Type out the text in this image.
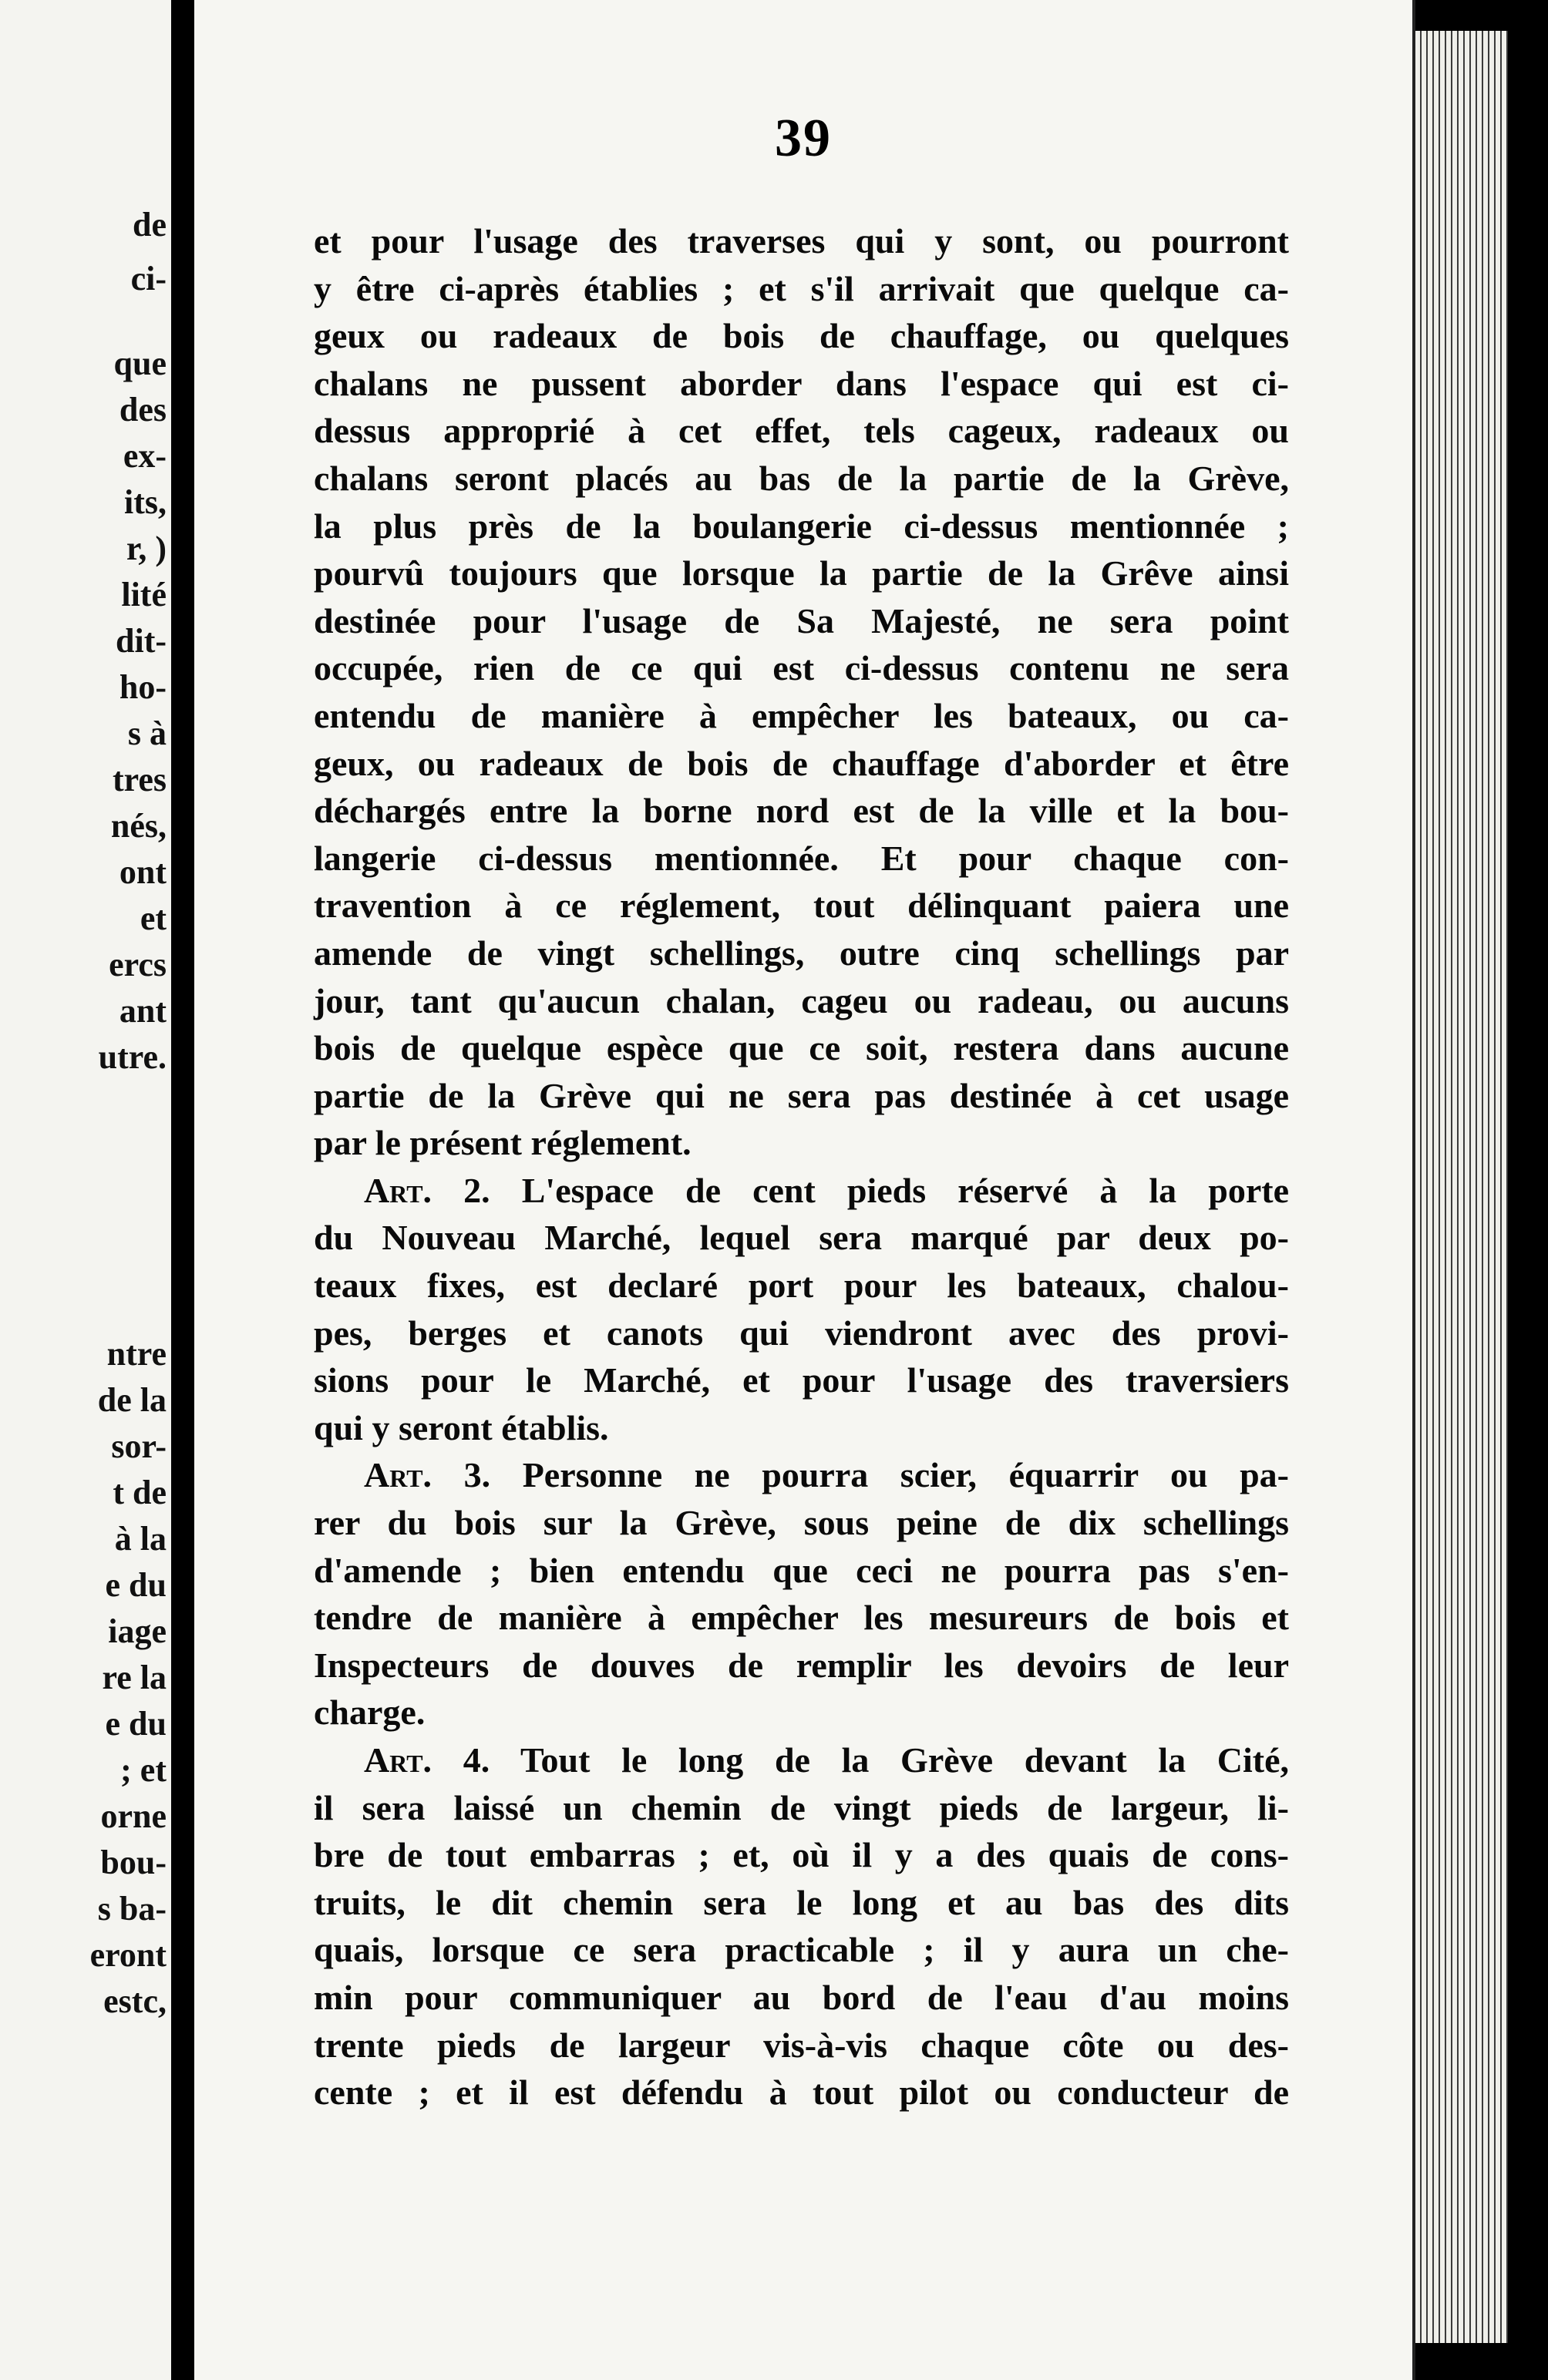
de
ci-
que
des
ex-
its,
r, )
lité
dit-
ho-
s à
tres
nés,
ont
et
ercs
ant
utre.
ntre
de la
sor-
t de
à la
e du
iage
re la
e du
; et
orne
bou-
s ba-
eront
estc,
39
et pour l'usage des traverses qui y sont, ou pourront
y être ci-après établies ; et s'il arrivait que quelque ca-
geux ou radeaux de bois de chauffage, ou quelques
chalans ne pussent aborder dans l'espace qui est ci-
dessus approprié à cet effet, tels cageux, radeaux ou
chalans seront placés au bas de la partie de la Grève,
la plus près de la boulangerie ci-dessus mentionnée ;
pourvû toujours que lorsque la partie de la Grêve ainsi
destinée pour l'usage de Sa Majesté, ne sera point
occupée, rien de ce qui est ci-dessus contenu ne sera
entendu de manière à empêcher les bateaux, ou ca-
geux, ou radeaux de bois de chauffage d'aborder et être
déchargés entre la borne nord est de la ville et la bou-
langerie ci-dessus mentionnée. Et pour chaque con-
travention à ce réglement, tout délinquant paiera une
amende de vingt schellings, outre cinq schellings par
jour, tant qu'aucun chalan, cageu ou radeau, ou aucuns
bois de quelque espèce que ce soit, restera dans aucune
partie de la Grève qui ne sera pas destinée à cet usage
par le présent réglement.
Art. 2. L'espace de cent pieds réservé à la porte
du Nouveau Marché, lequel sera marqué par deux po-
teaux fixes, est declaré port pour les bateaux, chalou-
pes, berges et canots qui viendront avec des provi-
sions pour le Marché, et pour l'usage des traversiers
qui y seront établis.
Art. 3. Personne ne pourra scier, équarrir ou pa-
rer du bois sur la Grève, sous peine de dix schellings
d'amende ; bien entendu que ceci ne pourra pas s'en-
tendre de manière à empêcher les mesureurs de bois et
Inspecteurs de douves de remplir les devoirs de leur
charge.
Art. 4. Tout le long de la Grève devant la Cité,
il sera laissé un chemin de vingt pieds de largeur, li-
bre de tout embarras ; et, où il y a des quais de cons-
truits, le dit chemin sera le long et au bas des dits
quais, lorsque ce sera practicable ; il y aura un che-
min pour communiquer au bord de l'eau d'au moins
trente pieds de largeur vis-à-vis chaque côte ou des-
cente ; et il est défendu à tout pilot ou conducteur de
